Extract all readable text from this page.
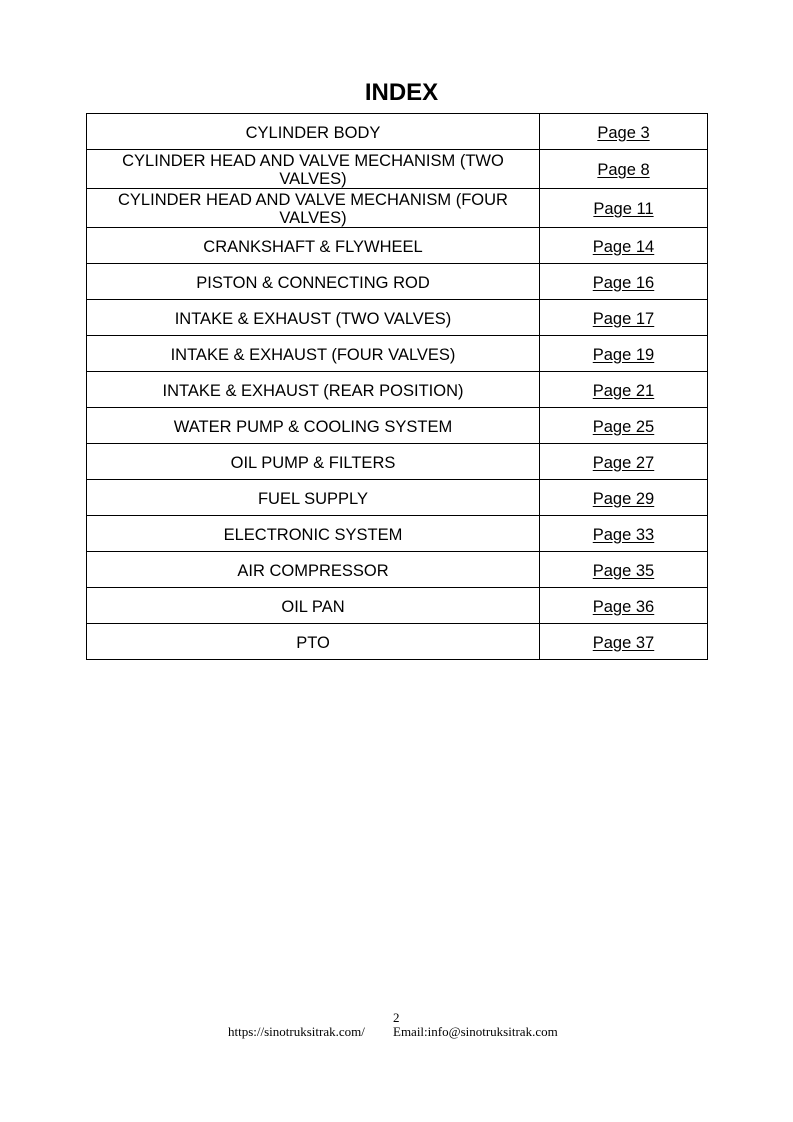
INDEX
CYLINDER BODY	Page 3
CYLINDER HEAD AND VALVE MECHANISM (TWO VALVES)	Page 8
CYLINDER HEAD AND VALVE MECHANISM (FOUR VALVES)	Page 11
CRANKSHAFT & FLYWHEEL	Page 14
PISTON & CONNECTING ROD	Page 16
INTAKE & EXHAUST (TWO VALVES)	Page 17
INTAKE & EXHAUST (FOUR VALVES)	Page 19
INTAKE & EXHAUST (REAR POSITION)	Page 21
WATER PUMP & COOLING SYSTEM	Page 25
OIL PUMP & FILTERS	Page 27
FUEL SUPPLY	Page 29
ELECTRONIC SYSTEM	Page 33
AIR COMPRESSOR	Page 35
OIL PAN	Page 36
PTO	Page 37
2
https://sinotruksitrak.com/ Email:info@sinotruksitrak.com
